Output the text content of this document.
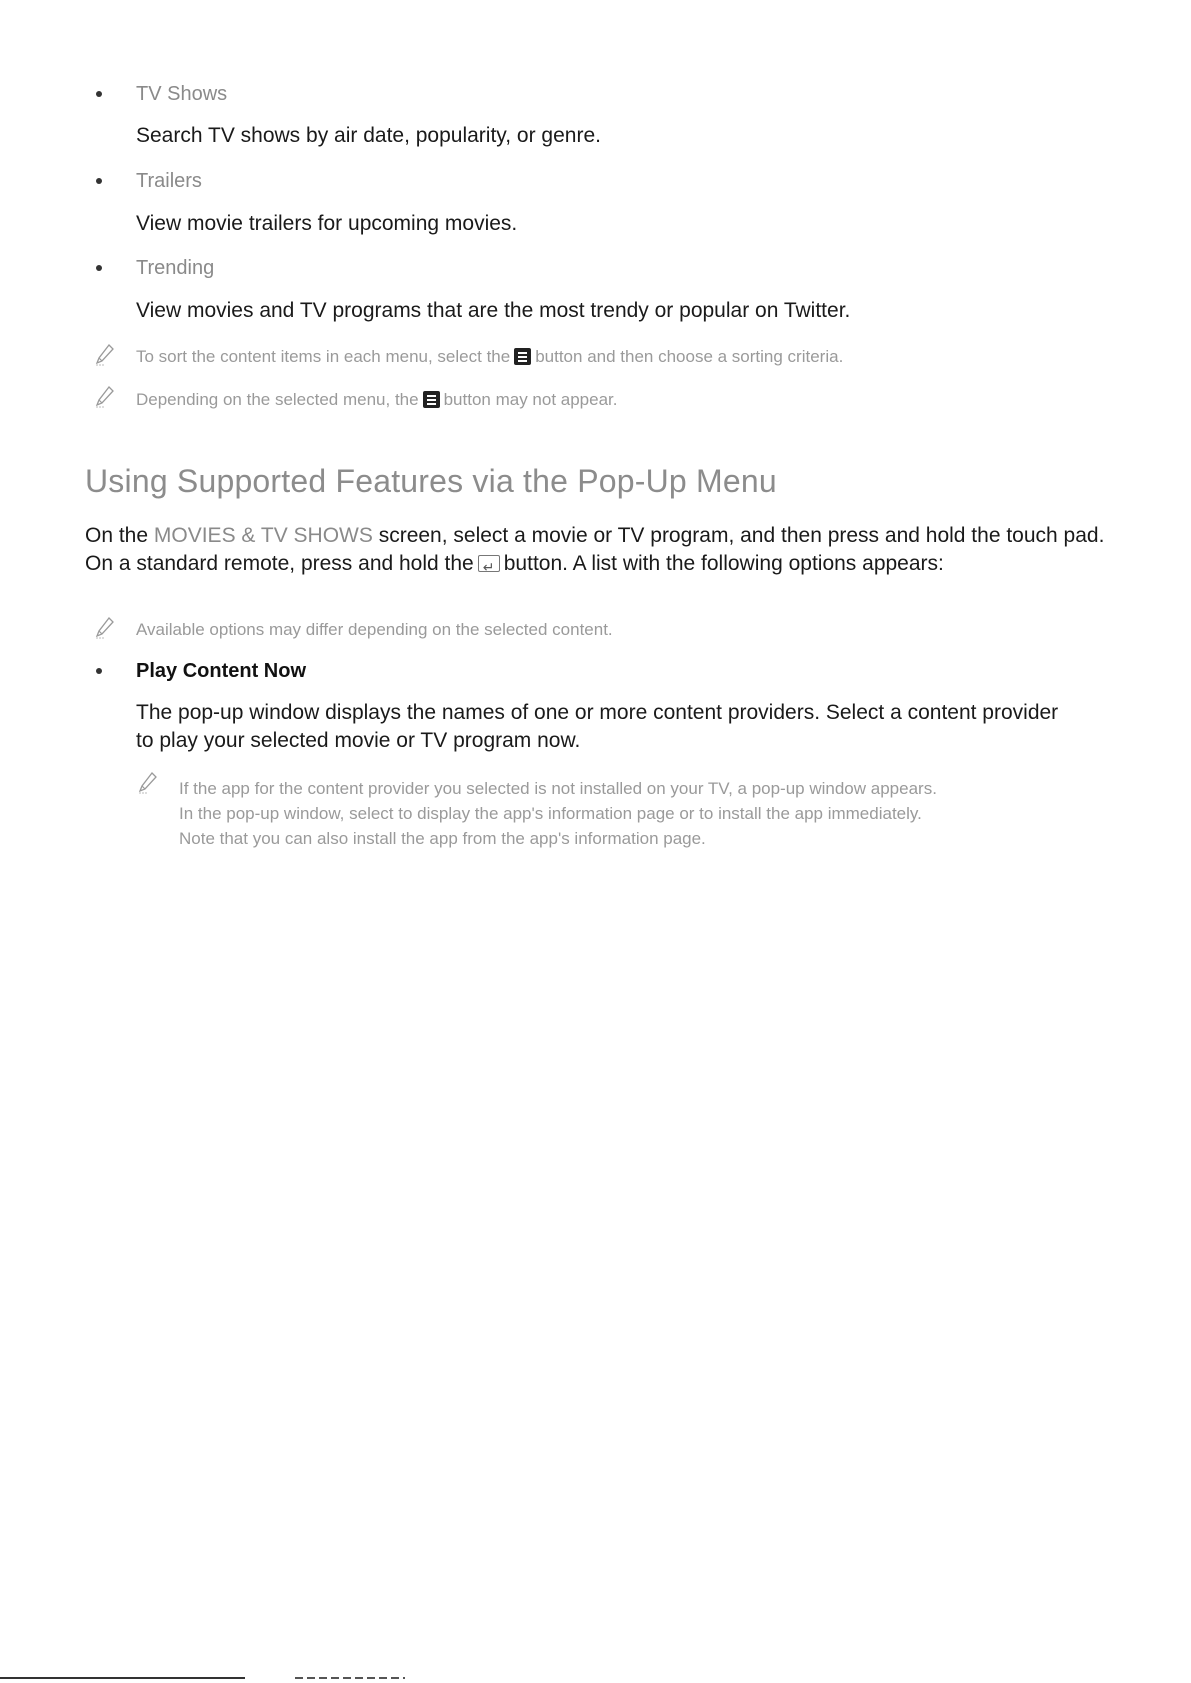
TV Shows
Search TV shows by air date, popularity, or genre.
Trailers
View movie trailers for upcoming movies.
Trending
View movies and TV programs that are the most trendy or popular on Twitter.
To sort the content items in each menu, select the button and then choose a sorting criteria.
Depending on the selected menu, the button may not appear.
Using Supported Features via the Pop-Up Menu
On the MOVIES & TV SHOWS screen, select a movie or TV program, and then press and hold the touch pad. On a standard remote, press and hold the↵ button. A list with the following options appears:
Available options may differ depending on the selected content.
Play Content Now
The pop-up window displays the names of one or more content providers. Select a content provider to play your selected movie or TV program now.
If the app for the content provider you selected is not installed on your TV, a pop-up window appears.
In the pop-up window, select to display the app's information page or to install the app immediately.
Note that you can also install the app from the app's information page.
